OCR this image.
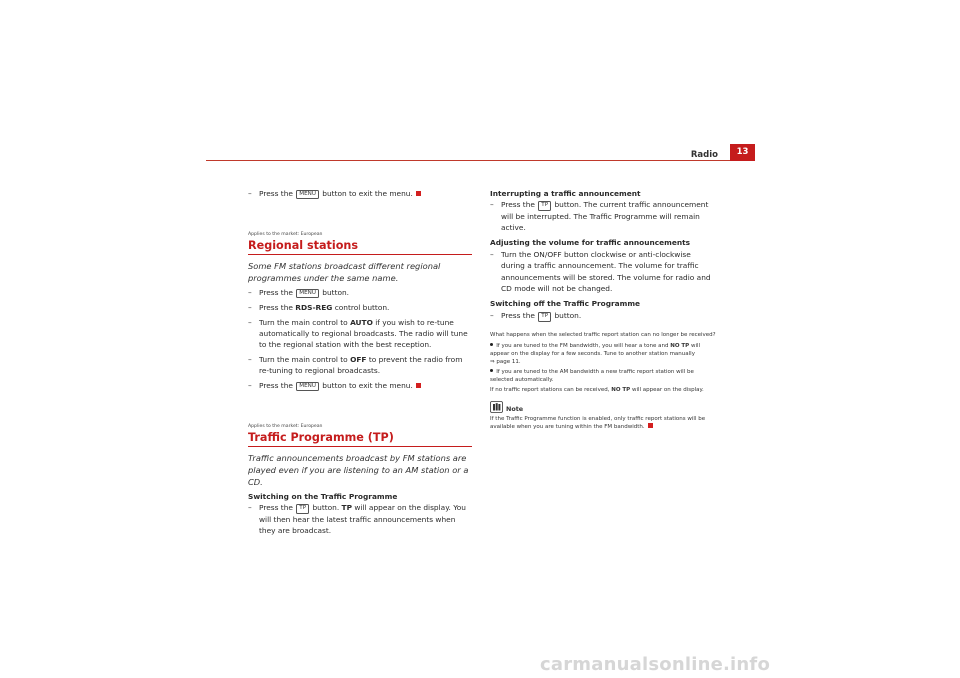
Radio	13
– Press the MENU button to exit the menu.
Applies to the market: European
Regional stations
Some FM stations broadcast different regional programmes under the same name.
– Press the MENU button.
– Press the RDS-REG control button.
– Turn the main control to AUTO if you wish to re-tune automatically to regional broadcasts. The radio will tune to the regional station with the best reception.
– Turn the main control to OFF to prevent the radio from re-tuning to regional broadcasts.
– Press the MENU button to exit the menu.
Applies to the market: European
Traffic Programme (TP)
Traffic announcements broadcast by FM stations are played even if you are listening to an AM station or a CD.
Switching on the Traffic Programme
– Press the TP button. TP will appear on the display. You will then hear the latest traffic announcements when they are broadcast.
Interrupting a traffic announcement
– Press the TP button. The current traffic announcement will be interrupted. The Traffic Programme will remain active.
Adjusting the volume for traffic announcements
– Turn the ON/OFF button clockwise or anti-clockwise during a traffic announcement. The volume for traffic announcements will be stored. The volume for radio and CD mode will not be changed.
Switching off the Traffic Programme
– Press the TP button.
What happens when the selected traffic report station can no longer be received?
If you are tuned to the FM bandwidth, you will hear a tone and NO TP will appear on the display for a few seconds. Tune to another station manually
⇒ page 11.
If you are tuned to the AM bandwidth a new traffic report station will be selected automatically.
If no traffic report stations can be received, NO TP will appear on the display.
Note
If the Traffic Programme function is enabled, only traffic report stations will be available when you are tuning within the FM bandwidth.
carmanualsonline.info
